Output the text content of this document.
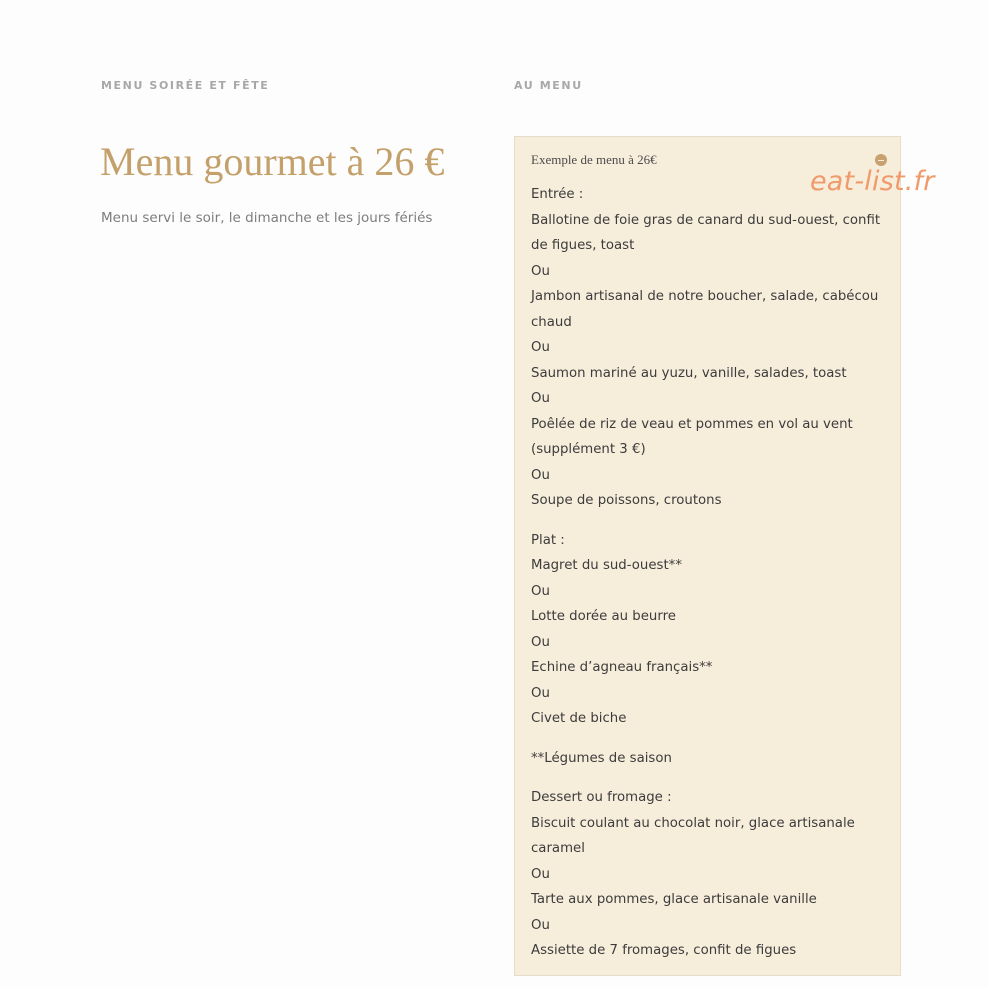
MENU SOIRÉE ET FÊTE	AU MENU
Menu gourmet à 26 €
Menu servi le soir, le dimanche et les jours fériés
Exemple de menu à 26€
Entrée :
Ballotine de foie gras de canard du sud-ouest, confit
de figues, toast
Ou
Jambon artisanal de notre boucher, salade, cabécou
chaud
Ou
Saumon mariné au yuzu, vanille, salades, toast
Ou
Poêlée de riz de veau et pommes en vol au vent
(supplément 3 €)
Ou
Soupe de poissons, croutons
Plat :
Magret du sud-ouest**
Ou
Lotte dorée au beurre
Ou
Echine d’agneau français**
Ou
Civet de biche
**Légumes de saison
Dessert ou fromage :
Biscuit coulant au chocolat noir, glace artisanale
caramel
Ou
Tarte aux pommes, glace artisanale vanille
Ou
Assiette de 7 fromages, confit de figues
eat-list.fr
